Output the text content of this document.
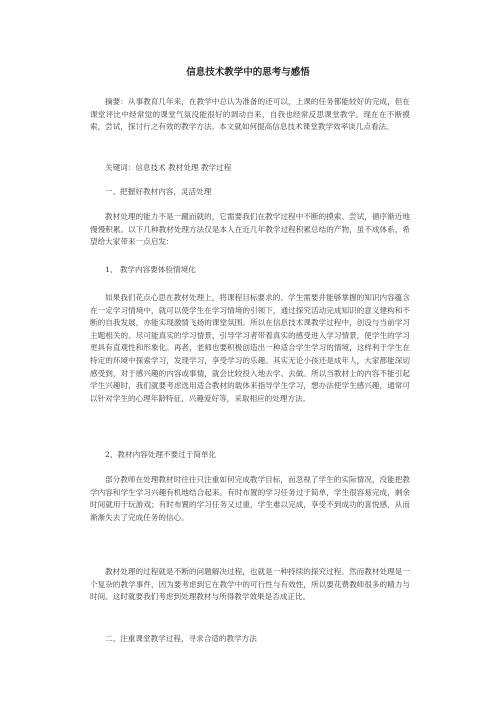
信息技术教学中的思考与感悟
摘要：从事教育几年来，在教学中总认为准备的还可以，上课的任务都能较好的完成，但在课堂评比中经常觉的课堂气氛没能很好的调动自来，自我也经常反思课堂教学。现在在不断摸索，尝试，探讨行之有效的教学方法。本文就如何提高信息技术课堂教学效率谈几点看法。
关键词：信息技术 教材处理 教学过程
一、把握好教材内容，灵活处理
教材处理的能力不是一蹴而就的，它需要我们在教学过程中不断的摸索、尝试，循序渐近地慢慢积累。以下几种教材处理方法仅是本人在近几年教学过程积累总结的产物，虽不成体系，希望给大家带来一点启发：
1、 教学内容要体验情境化
如果我们花点心思在教材处理上，将课程目标要求的、学生需要并能够掌握的知识内容蕴含在一定学习情境中，就可以使学生在学习情境的引领下，通过探究活动完成知识的意义建构和不断的自我发展，亦能实现激情飞扬的课堂氛围。所以在信息技术课教学过程中，创设与当前学习主题相关的、尽可能真实的学习情景，引导学习者带着真实的感受进入学习情景，使学生的学习更具有直观性和形象化。再者，老师也要积极创造出一种适合学生学习的情境，这样利于学生在特定的环境中探索学习，发现学习，享受学习的乐趣。其实无论小孩还是成年人，大家都能深切感受到，对于感兴趣的内容或事情，就会比较投入地去学、去做。所以当教材上的内容不能引起学生兴趣时，我们就要考虑选用适合教材的载体来指导学生学习，想办法使学生感兴趣，通常可以针对学生的心理年龄特征、兴趣爱好等，采取相应的处理方法。
2、教材内容处理不要过于简单化
部分教师在处理教材时往往只注重如何完成教学目标，而忽视了学生的实际情况，没能把教学内容和学生学习兴趣有机地结合起来。有时布置的学习任务过于简单，学生很容易完成，剩余时间就用于玩游戏；有时布置的学习任务又过重，学生难以完成，享受不到成功的喜悦感，从而渐渐失去了完成任务的信心。
教材处理的过程就是不断的问题解决过程，也就是一种持续的探究过程。然而教材处理是一个复杂的教学事件，因为要考虑到它在教学中的可行性与有效性，所以要花费教师很多的精力与时间。这时就要我们考虑到处理教材与所得教学效果是否成正比。
二、注重课堂教学过程，寻求合适的教学方法
